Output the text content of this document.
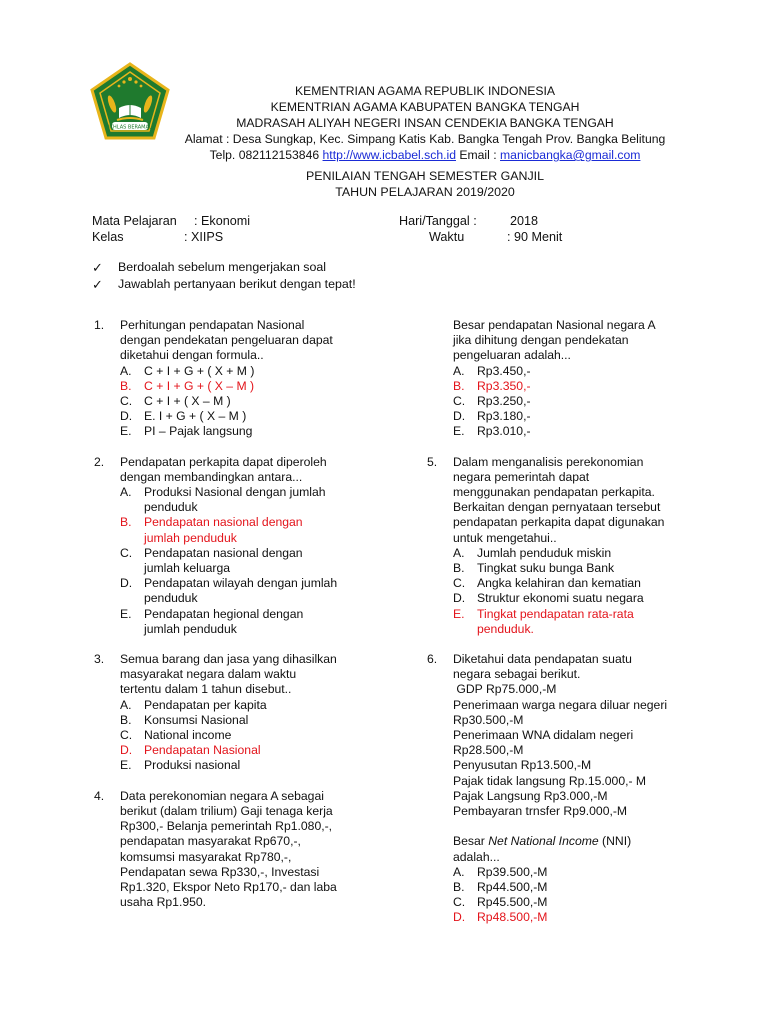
IKHLAS BERAMAL
KEMENTRIAN AGAMA REPUBLIK INDONESIA
KEMENTRIAN AGAMA KABUPATEN BANGKA TENGAH
MADRASAH ALIYAH NEGERI INSAN CENDEKIA BANGKA TENGAH
Alamat : Desa Sungkap, Kec. Simpang Katis Kab. Bangka Tengah Prov. Bangka Belitung
Telp. 082112153846 http://www.icbabel.sch.id Email : manicbangka@gmail.com
PENILAIAN TENGAH SEMESTER GANJIL
TAHUN PELAJARAN 2019/2020
Mata Pelajaran	: Ekonomi
Kelas	: XIIPS
Hari/Tanggal :	2018
Waktu	: 90 Menit
✓	Berdoalah sebelum mengerjakan soal
✓	Jawablah pertanyaan berikut dengan tepat!
1.	Perhitungan pendapatan Nasional
dengan pendekatan pengeluaran dapat
diketahui dengan formula..
A.	C + I + G + ( X + M )
B.	C + I + G + ( X – M )
C. C + I + ( X – M )
D. E. I + G + ( X – M )
E.	PI – Pajak langsung
2.	Pendapatan perkapita dapat diperoleh
dengan membandingkan antara...
A.	Produksi Nasional dengan jumlah
penduduk
B.	Pendapatan nasional dengan
jumlah penduduk
C. Pendapatan nasional dengan
jumlah keluarga
D. Pendapatan wilayah dengan jumlah
penduduk
E.	Pendapatan hegional dengan
jumlah penduduk
3.	Semua barang dan jasa yang dihasilkan
masyarakat negara dalam waktu
tertentu dalam 1 tahun disebut..
A.	Pendapatan per kapita
B.	Konsumsi Nasional
C. National income
D. Pendapatan Nasional
E.	Produksi nasional
4.	Data perekonomian negara A sebagai
berikut (dalam trilium) Gaji tenaga kerja
Rp300,- Belanja pemerintah Rp1.080,-,
pendapatan masyarakat Rp670,-,
komsumsi masyarakat Rp780,-,
Pendapatan sewa Rp330,-, Investasi
Rp1.320, Ekspor Neto Rp170,- dan laba
usaha Rp1.950.
Besar pendapatan Nasional negara A
jika dihitung dengan pendekatan
pengeluaran adalah...
A.	Rp3.450,-
B.	Rp3.350,-
C. Rp3.250,-
D. Rp3.180,-
E.	Rp3.010,-
5.	Dalam menganalisis perekonomian
negara pemerintah dapat
menggunakan pendapatan perkapita.
Berkaitan dengan pernyataan tersebut
pendapatan perkapita dapat digunakan
untuk mengetahui..
A.	Jumlah penduduk miskin
B.	Tingkat suku bunga Bank
C. Angka kelahiran dan kematian
D. Struktur ekonomi suatu negara
E.	Tingkat pendapatan rata-rata
penduduk.
6.	Diketahui data pendapatan suatu
negara sebagai berikut.
GDP Rp75.000,-M
Penerimaan warga negara diluar negeri
Rp30.500,-M
Penerimaan WNA didalam negeri
Rp28.500,-M
Penyusutan Rp13.500,-M
Pajak tidak langsung Rp.15.000,- M
Pajak Langsung Rp3.000,-M
Pembayaran trnsfer Rp9.000,-M
Besar Net National Income (NNI)
adalah...
A.	Rp39.500,-M
B.	Rp44.500,-M
C. Rp45.500,-M
D. Rp48.500,-M
